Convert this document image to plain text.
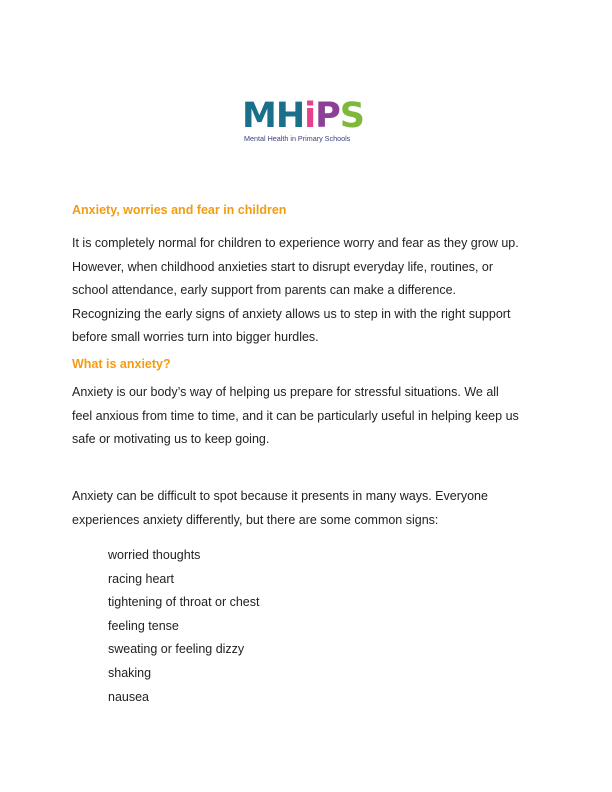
MHiPS
Mental Health in Primary Schools
Anxiety, worries and fear in children

It is completely normal for children to experience worry and fear as they grow up.
However, when childhood anxieties start to disrupt everyday life, routines, or
school attendance, early support from parents can make a difference.
Recognizing the early signs of anxiety allows us to step in with the right support
before small worries turn into bigger hurdles.

What is anxiety?

Anxiety is our body’s way of helping us prepare for stressful situations. We all
feel anxious from time to time, and it can be particularly useful in helping keep us
safe or motivating us to keep going.

Anxiety can be difficult to spot because it presents in many ways. Everyone
experiences anxiety differently, but there are some common signs:

worried thoughts
racing heart
tightening of throat or chest
feeling tense
sweating or feeling dizzy
shaking
nausea
